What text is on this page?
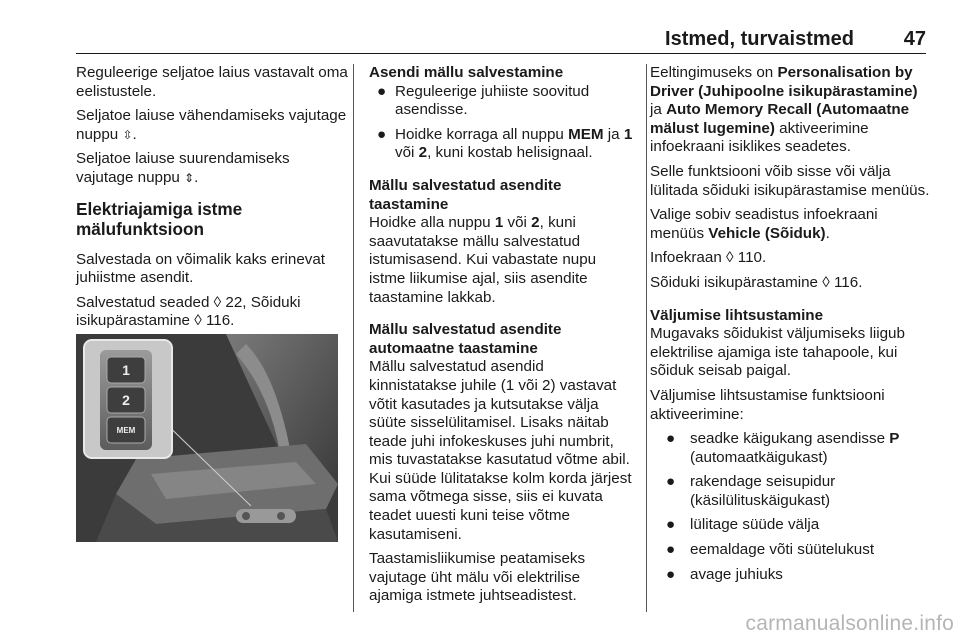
Istmed, turvaistmed 47

Reguleerige seljatoe laius vastavalt oma eelistustele.

Seljatoe laiuse vähendamiseks vajutage nuppu ⇳.

Seljatoe laiuse suurendamiseks vajutage nuppu ⇕.

Elektriajamiga istme mälufunktsioon

Salvestada on võimalik kaks erinevat juhiistme asendit.

Salvestatud seaded ◊ 22, Sõiduki isikupärastamine ◊ 116.

1
2
MEM
Asendi mällu salvestamine
● Reguleerige juhiiste soovitud asendisse.
● Hoidke korraga all nuppu MEM ja 1 või 2, kuni kostab helisignaal.
Mällu salvestatud asendite taastamine

Hoidke alla nuppu 1 või 2, kuni saavutatakse mällu salvestatud istumisasend. Kui vabastate nupu istme liikumise ajal, siis asendite taastamine lakkab.

Mällu salvestatud asendite automaatne taastamine

Mällu salvestatud asendid kinnistatakse juhile (1 või 2) vastavat võtit kasutades ja kutsutakse välja süüte sisselülitamisel. Lisaks näitab teade juhi infokeskuses juhi numbrit, mis tuvastatakse kasutatud võtme abil. Kui süüde lülitatakse kolm korda järjest sama võtmega sisse, siis ei kuvata teadet uuesti kuni teise võtme kasutamiseni.

Taastamisliikumise peatamiseks vajutage üht mälu või elektrilise ajamiga istmete juhtseadistest.

Eeltingimuseks on Personalisation by Driver (Juhipoolne isikupärastamine) ja Auto Memory Recall (Automaatne mälust lugemine) aktiveerimine infoekraani isiklikes seadetes.

Selle funktsiooni võib sisse või välja lülitada sõiduki isikupärastamise menüüs.

Valige sobiv seadistus infoekraani menüüs Vehicle (Sõiduk).

Infoekraan ◊ 110.

Sõiduki isikupärastamine ◊ 116.

Väljumise lihtsustamine

Mugavaks sõidukist väljumiseks liigub elektrilise ajamiga iste tahapoole, kui sõiduk seisab paigal.

Väljumise lihtsustamise funktsiooni aktiveerimine:

● seadke käigukang asendisse P (automaatkäigukast)
● rakendage seisupidur (käsilülituskäigukast)
● lülitage süüde välja
● eemaldage võti süütelukust
● avage juhiuks
carmanualsonline.info
